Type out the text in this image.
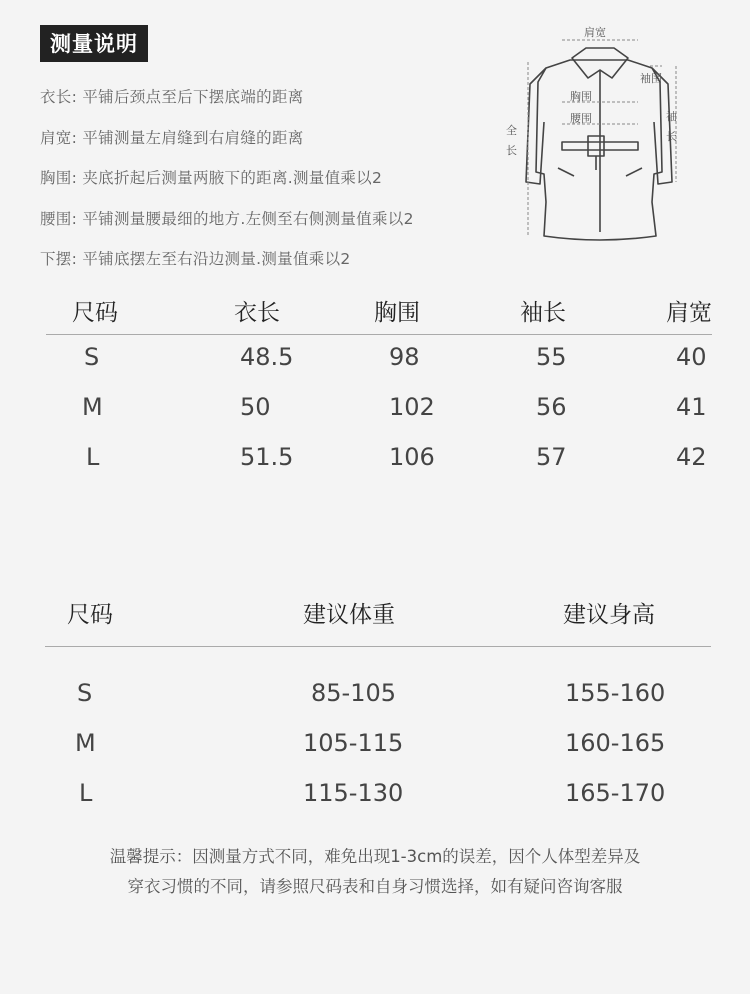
测量说明
衣长: 平铺后颈点至后下摆底端的距离
肩宽: 平铺测量左肩缝到右肩缝的距离
胸围: 夹底折起后测量两腋下的距离.测量值乘以2
腰围: 平铺测量腰最细的地方.左侧至右侧测量值乘以2
下摆: 平铺底摆左至右沿边测量.测量值乘以2
肩宽
袖围
胸围
腰围	袖
长
全
长
尺码	衣长	胸围	袖长	肩宽
S	48.5	98	55	40
M	50	102	56	41
L	51.5	106	57	42
尺码	建议体重	建议身高
S	85-105	155-160
M	105-115	160-165
L	115-130	165-170
温馨提示：因测量方式不同，难免出现1-3cm的误差，因个人体型差异及
穿衣习惯的不同，请参照尺码表和自身习惯选择，如有疑问咨询客服
